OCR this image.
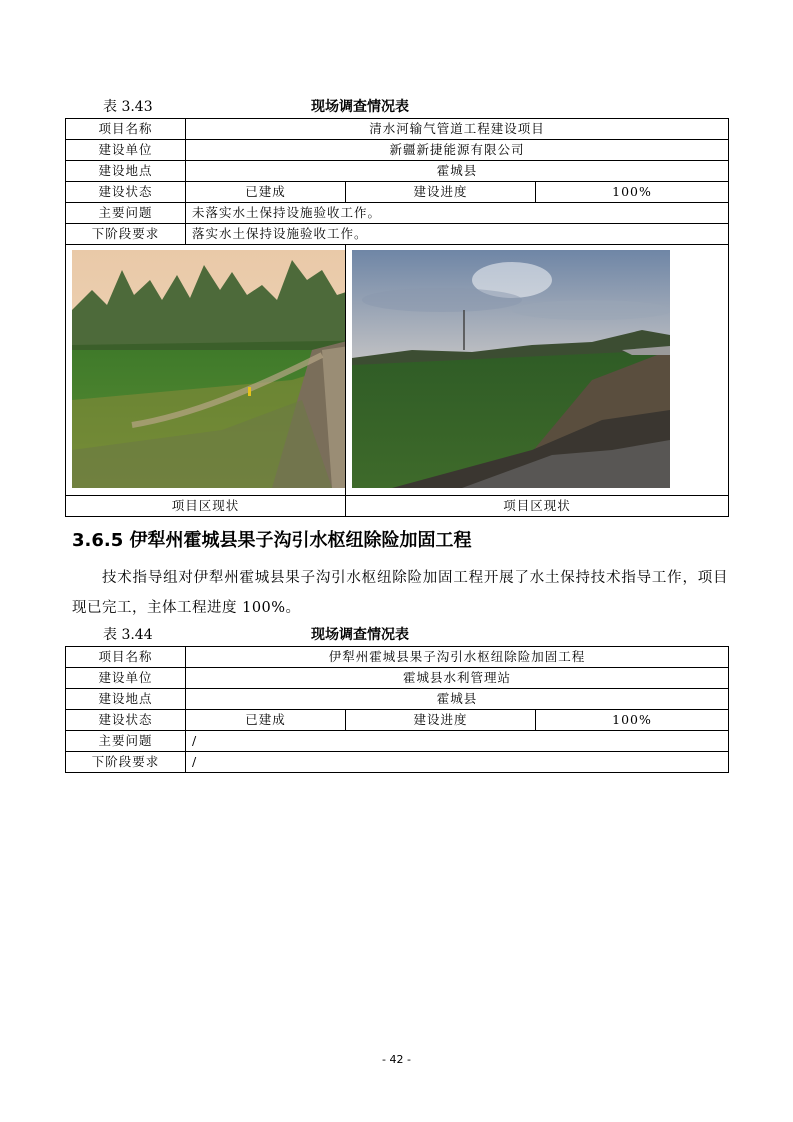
表 3.43	现场调查情况表
项目名称	清水河输气管道工程建设项目		
建设单位	新疆新捷能源有限公司		
建设地点	霍城县		
建设状态	已建成	建设进度	100%
主要问题	未落实水土保持设施验收工作。		
下阶段要求	落实水土保持设施验收工作。		

项目区现状		项目区现状	
3.6.5 伊犁州霍城县果子沟引水枢纽除险加固工程

技术指导组对伊犁州霍城县果子沟引水枢纽除险加固工程开展了水土保持技术指导工作，项目现已完工，主体工程进度 100%。

表 3.44	现场调查情况表
项目名称	伊犁州霍城县果子沟引水枢纽除险加固工程		
建设单位	霍城县水利管理站		
建设地点	霍城县		
建设状态	已建成	建设进度	100%
主要问题	/		
下阶段要求	/		
- 42 -
